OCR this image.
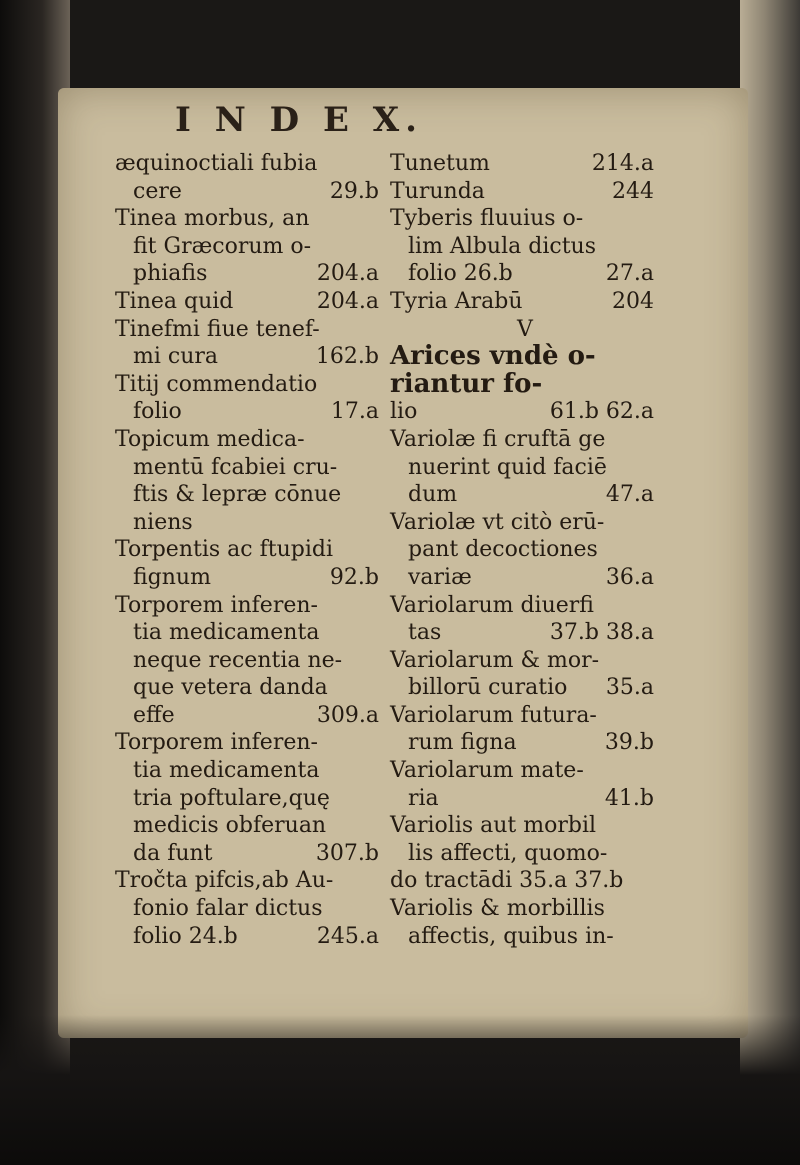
I N D E X.
æquinoctiali fubia
cere	29.b
Tinea morbus, an
fit Græcorum o-
phiafis	204.a
Tinea quid	204.a
Tinefmi fiue tenef-
mi cura	162.b
Titij commendatio
folio	17.a
Topicum medica-
mentū fcabiei cru-
ftis & lepræ cōnue
niens
Torpentis ac ftupidi
fignum	92.b
Torporem inferen-
tia medicamenta
neque recentia ne-
que vetera danda
effe	309.a
Torporem inferen-
tia medicamenta
tria poftulare,quę
medicis obferuan
da funt	307.b
Tročta pifcis,ab Au-
fonio falar dictus
folio 24.b	245.a
Tunetum	214.a
Turunda	244
Tyberis fluuius o-
lim Albula dictus
folio 26.b	27.a
Tyria Arabū	204
V
Arices vndè o-
riantur fo-
lio	61.b 62.a
Variolæ fi cruftā ge
nuerint quid faciē
dum	47.a
Variolæ vt citò erū-
pant decoctiones
variæ	36.a
Variolarum diuerfi
tas	37.b 38.a
Variolarum & mor-
billorū curatio 35.a
Variolarum futura-
rum figna	39.b
Variolarum mate-
ria	41.b
Variolis aut morbil
lis affecti, quomo-
do tractādi 35.a 37.b
Variolis & morbillis
affectis, quibus in-
